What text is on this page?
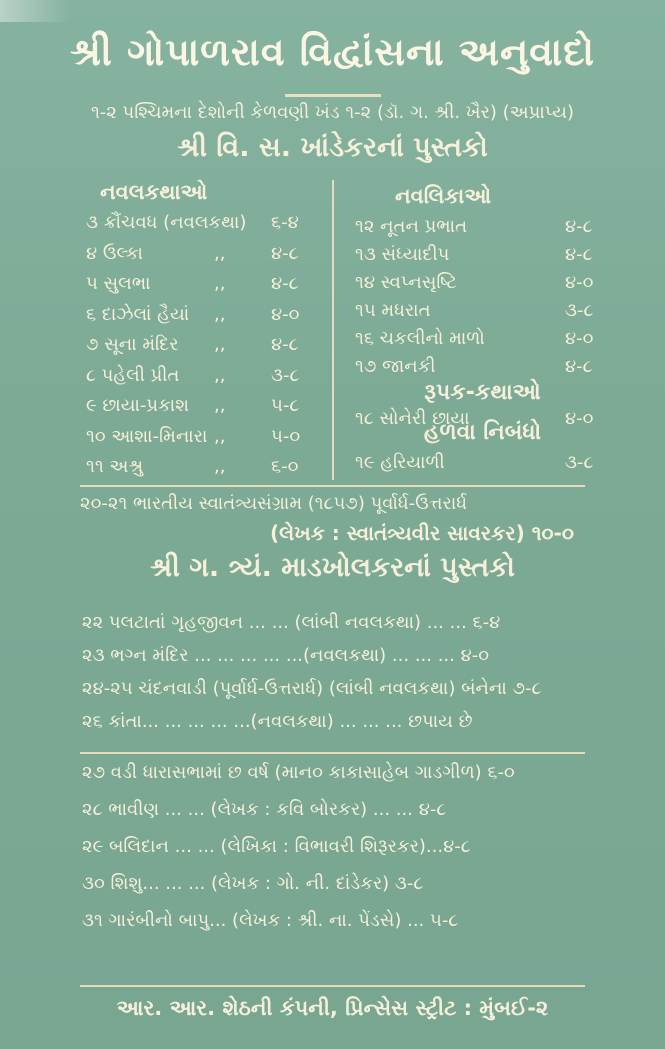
શ્રી ગોપાળરાવ વિદ્વાંસના અનુવાદો
૧-૨ પશ્ચિમના દેશોની કેળવણી ખંડ ૧-૨ (ડૉ. ગ. શ્રી. ખૈર) (અપ્રાપ્ય)
શ્રી વિ. સ. ખાંડેકરનાં પુસ્તકો
નવલકથાઓ	નવલિકાઓ
૩ ક્રૌંચવધ (નવલકથા) ૬-૪
૪ ઉલ્કા	,,	૪-૮
૫ સુલભા	,,	૪-૮
૬ દાઝેલાં હૈયાં ,,	૪-૦
૭ સૂના મંદિર ,,	૪-૮
૮ પહેલી પ્રીત ,,	૩-૮
૯ છાયા-પ્રકાશ ,,	૫-૮
૧૦ આશા-મિનારા ,,	૫-૦
૧૧ અશ્રુ	,,	૬-૦
૧૨ નૂતન પ્રભાત	૪-૮
૧૩ સંધ્યાદીપ	૪-૮
૧૪ સ્વપ્નસૃષ્ટિ	૪-૦
૧૫ મધરાત	૩-૮
૧૬ ચકલીનો માળો	૪-૦
૧૭ જાનકી	૪-૮
રૂપક-કથાઓ
૧૮ સોનેરી છાયા	૪-૦
હળવા નિબંધો
૧૯ હરિયાળી	૩-૮
૨૦-૨૧ ભારતીય સ્વાતંત્ર્યસંગ્રામ (૧૮૫૭) પૂર્વાર્ધ-ઉત્તરાર્ધ
(લેખક : સ્વાતંત્ર્યવીર સાવરકર) ૧૦-૦
શ્રી ગ. ત્ર્યં. માડખોલકરનાં પુસ્તકો
૨૨ પલટાતાં ગૃહજીવન ... ... (લાંબી નવલકથા) ... ... ૬-૪
૨૩ ભગ્ન મંદિર ... ... ... ... ...(નવલકથા) ... ... ... ૪-૦
૨૪-૨૫ ચંદનવાડી (પૂર્વાર્ધ-ઉત્તરાર્ધ) (લાંબી નવલકથા) બંનેના ૭-૮
૨૬ કાંતા... ... ... ... ...(નવલકથા) ... ... ... છપાય છે
૨૭ વડી ધારાસભામાં છ વર્ષ (માન૦ કાકાસાહેબ ગાડગીળ) ૬-૦
૨૮ ભાવીણ ... ... (લેખક : કવિ બોરકર) ... ... ૪-૮
૨૯ બલિદાન ... ... (લેખિકા : વિભાવરી શિરૂરકર)...૪-૮
૩૦ શિશુ... ... ... (લેખક : ગો. ની. દાંડેકર) ૩-૮
૩૧ ગારંબીનો બાપુ... (લેખક : શ્રી. ના. પેંડસે) ... ૫-૮
આર. આર. શેઠની કંપની, પ્રિન્સેસ સ્ટ્રીટ : મુંબઈ-૨
